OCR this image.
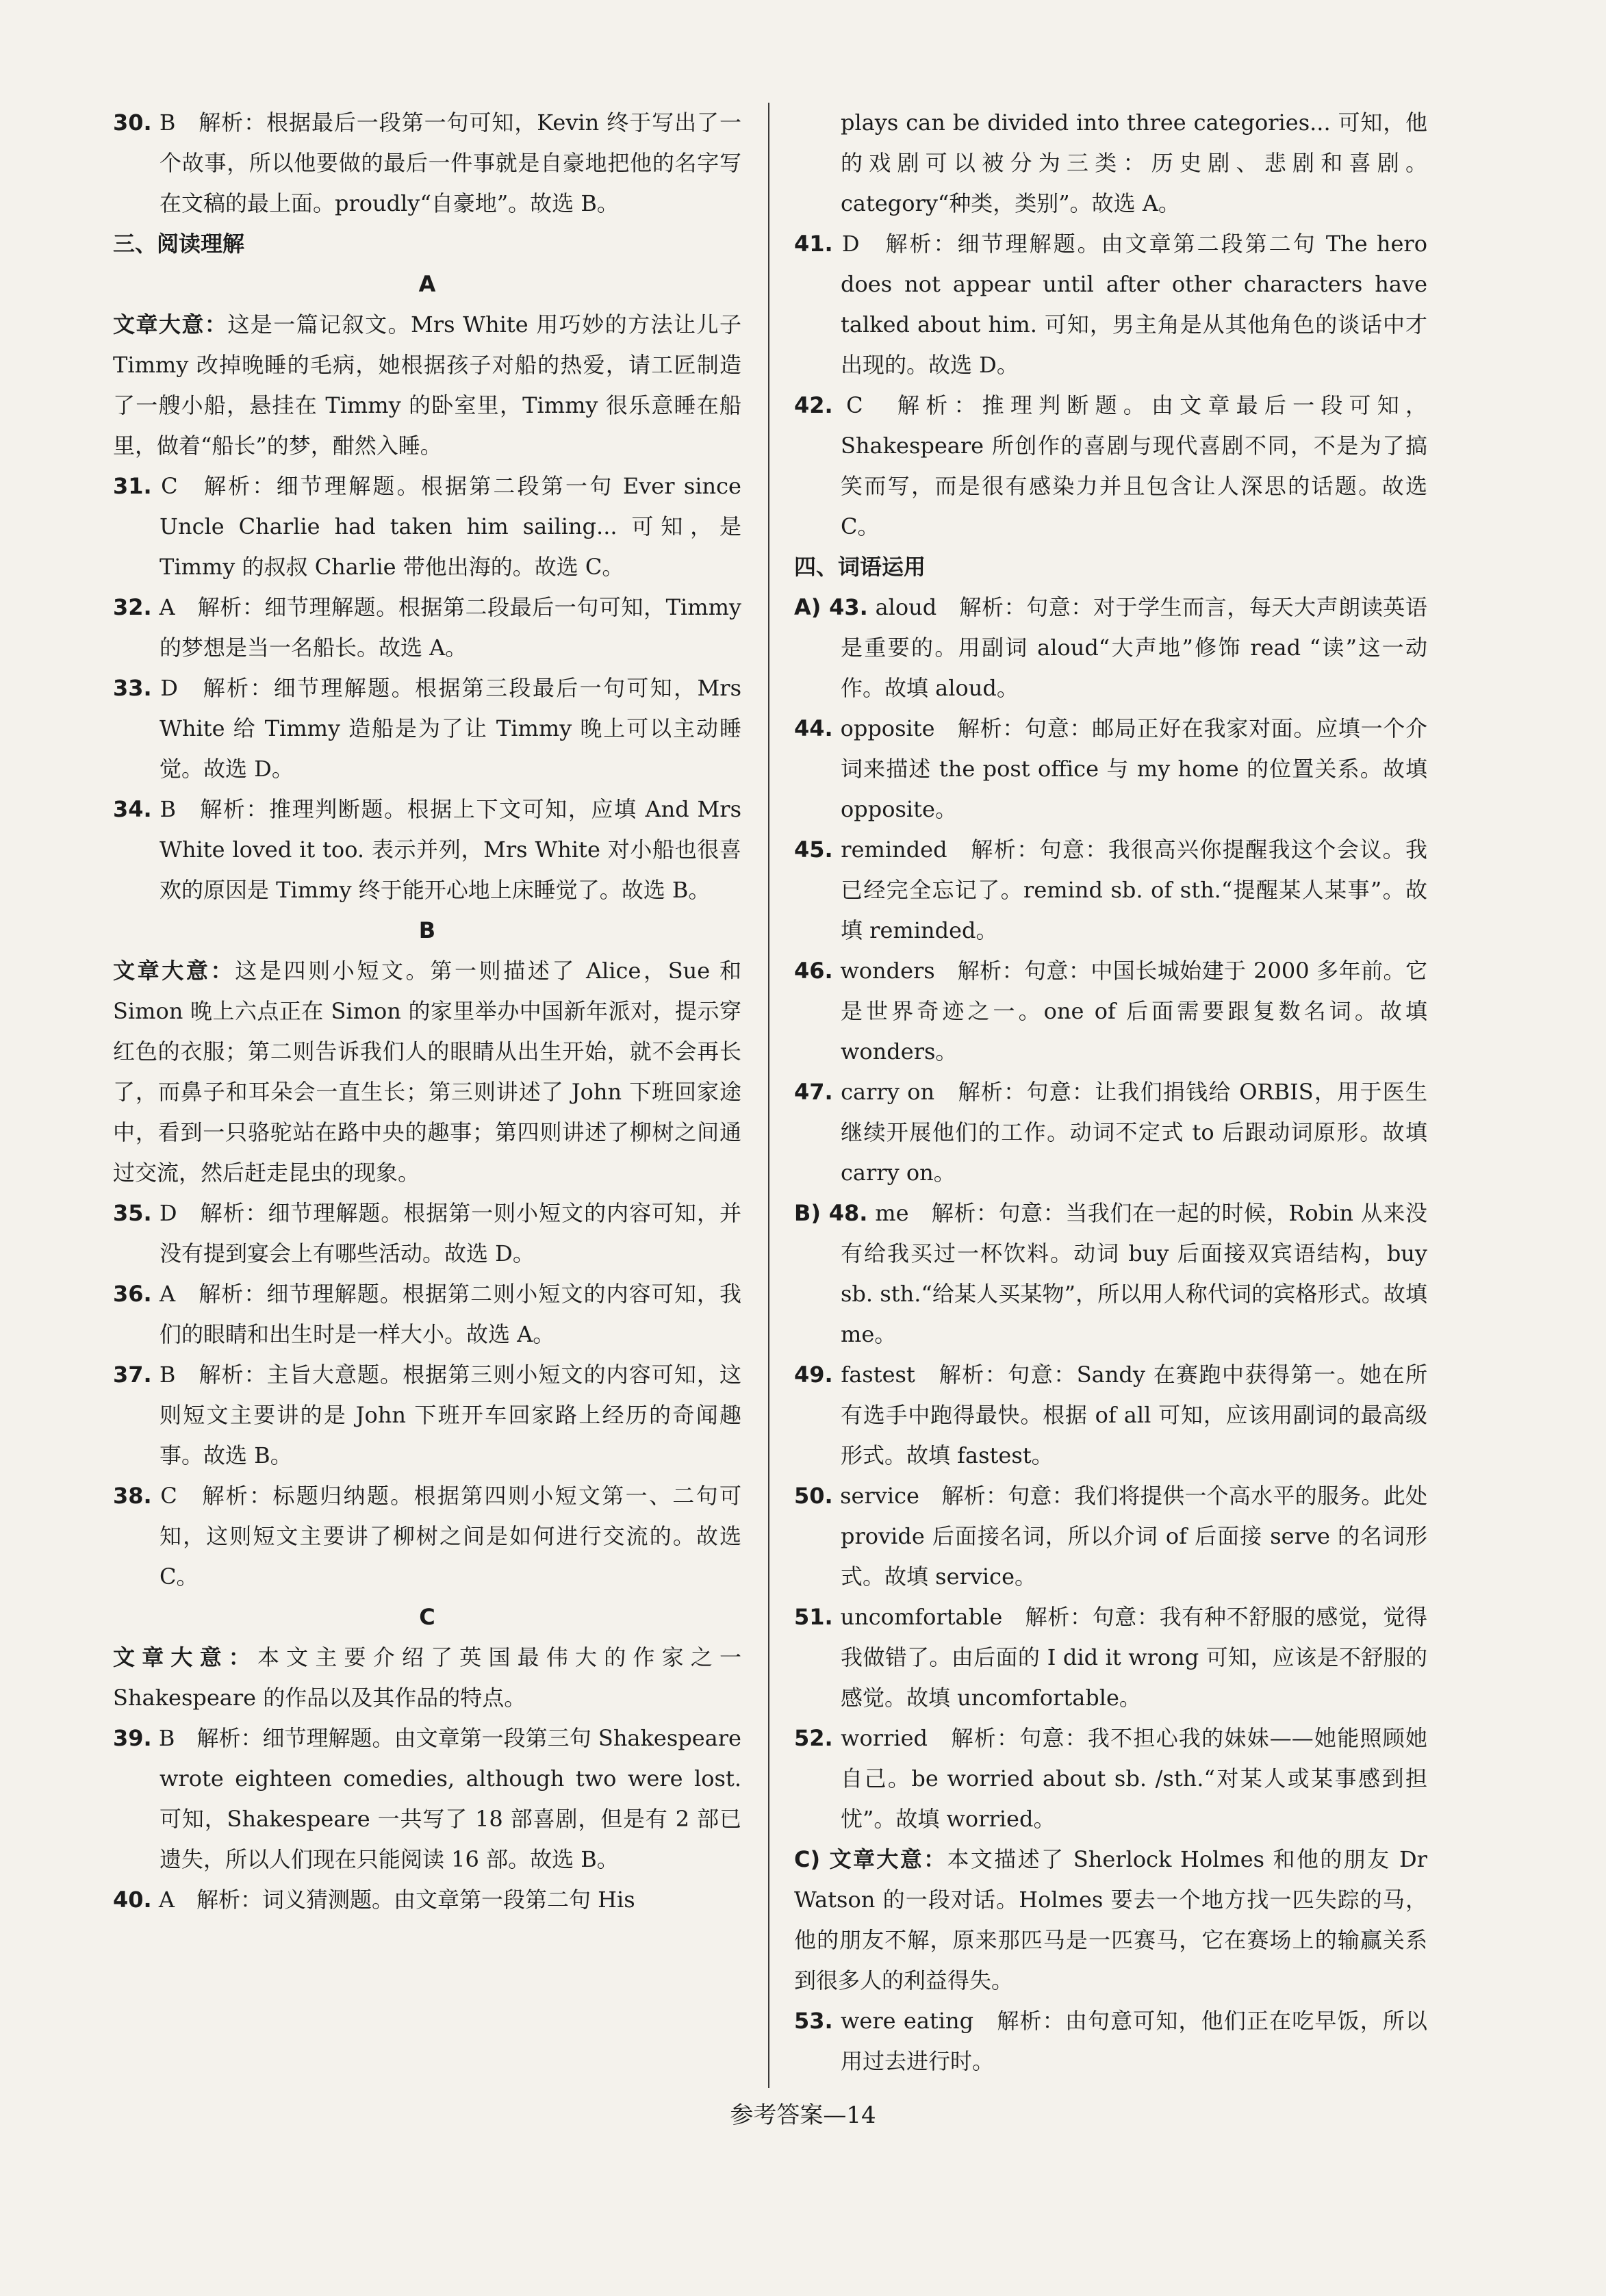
30. B　解析：根据最后一段第一句可知，Kevin 终于写出了一个故事，所以他要做的最后一件事就是自豪地把他的名字写在文稿的最上面。proudly“自豪地”。故选 B。

三、阅读理解

A

文章大意：这是一篇记叙文。Mrs White 用巧妙的方法让儿子 Timmy 改掉晚睡的毛病，她根据孩子对船的热爱，请工匠制造了一艘小船，悬挂在 Timmy 的卧室里，Timmy 很乐意睡在船里，做着“船长”的梦，酣然入睡。

31. C　解析：细节理解题。根据第二段第一句 Ever since Uncle Charlie had taken him sailing... 可知，是 Timmy 的叔叔 Charlie 带他出海的。故选 C。

32. A　解析：细节理解题。根据第二段最后一句可知，Timmy 的梦想是当一名船长。故选 A。

33. D　解析：细节理解题。根据第三段最后一句可知，Mrs White 给 Timmy 造船是为了让 Timmy 晚上可以主动睡觉。故选 D。

34. B　解析：推理判断题。根据上下文可知，应填 And Mrs White loved it too. 表示并列，Mrs White 对小船也很喜欢的原因是 Timmy 终于能开心地上床睡觉了。故选 B。

B

文章大意：这是四则小短文。第一则描述了 Alice，Sue 和 Simon 晚上六点正在 Simon 的家里举办中国新年派对，提示穿红色的衣服；第二则告诉我们人的眼睛从出生开始，就不会再长了，而鼻子和耳朵会一直生长；第三则讲述了 John 下班回家途中，看到一只骆驼站在路中央的趣事；第四则讲述了柳树之间通过交流，然后赶走昆虫的现象。

35. D　解析：细节理解题。根据第一则小短文的内容可知，并没有提到宴会上有哪些活动。故选 D。

36. A　解析：细节理解题。根据第二则小短文的内容可知，我们的眼睛和出生时是一样大小。故选 A。

37. B　解析：主旨大意题。根据第三则小短文的内容可知，这则短文主要讲的是 John 下班开车回家路上经历的奇闻趣事。故选 B。

38. C　解析：标题归纳题。根据第四则小短文第一、二句可知，这则短文主要讲了柳树之间是如何进行交流的。故选 C。

C

文章大意：本文主要介绍了英国最伟大的作家之一 Shakespeare 的作品以及其作品的特点。

39. B　解析：细节理解题。由文章第一段第三句 Shakespeare wrote eighteen comedies, although two were lost. 可知，Shakespeare 一共写了 18 部喜剧，但是有 2 部已遗失，所以人们现在只能阅读 16 部。故选 B。

40. A　解析：词义猜测题。由文章第一段第二句 His

plays can be divided into three categories... 可知，他的戏剧可以被分为三类：历史剧、悲剧和喜剧。category“种类，类别”。故选 A。

41. D　解析：细节理解题。由文章第二段第二句 The hero does not appear until after other characters have talked about him. 可知，男主角是从其他角色的谈话中才出现的。故选 D。

42. C　解析：推理判断题。由文章最后一段可知，Shakespeare 所创作的喜剧与现代喜剧不同，不是为了搞笑而写，而是很有感染力并且包含让人深思的话题。故选 C。

四、词语运用

A) 43. aloud　解析：句意：对于学生而言，每天大声朗读英语是重要的。用副词 aloud“大声地”修饰 read “读”这一动作。故填 aloud。

44. opposite　解析：句意：邮局正好在我家对面。应填一个介词来描述 the post office 与 my home 的位置关系。故填 opposite。

45. reminded　解析：句意：我很高兴你提醒我这个会议。我已经完全忘记了。remind sb. of sth.“提醒某人某事”。故填 reminded。

46. wonders　解析：句意：中国长城始建于 2000 多年前。它是世界奇迹之一。one of 后面需要跟复数名词。故填 wonders。

47. carry on　解析：句意：让我们捐钱给 ORBIS，用于医生继续开展他们的工作。动词不定式 to 后跟动词原形。故填 carry on。

B) 48. me　解析：句意：当我们在一起的时候，Robin 从来没有给我买过一杯饮料。动词 buy 后面接双宾语结构，buy sb. sth.“给某人买某物”，所以用人称代词的宾格形式。故填 me。

49. fastest　解析：句意：Sandy 在赛跑中获得第一。她在所有选手中跑得最快。根据 of all 可知，应该用副词的最高级形式。故填 fastest。

50. service　解析：句意：我们将提供一个高水平的服务。此处 provide 后面接名词，所以介词 of 后面接 serve 的名词形式。故填 service。

51. uncomfortable　解析：句意：我有种不舒服的感觉，觉得我做错了。由后面的 I did it wrong 可知，应该是不舒服的感觉。故填 uncomfortable。

52. worried　解析：句意：我不担心我的妹妹——她能照顾她自己。be worried about sb. /sth.“对某人或某事感到担忧”。故填 worried。

C) 文章大意：本文描述了 Sherlock Holmes 和他的朋友 Dr Watson 的一段对话。Holmes 要去一个地方找一匹失踪的马，他的朋友不解，原来那匹马是一匹赛马，它在赛场上的输赢关系到很多人的利益得失。

53. were eating　解析：由句意可知，他们正在吃早饭，所以用过去进行时。

参考答案—14
